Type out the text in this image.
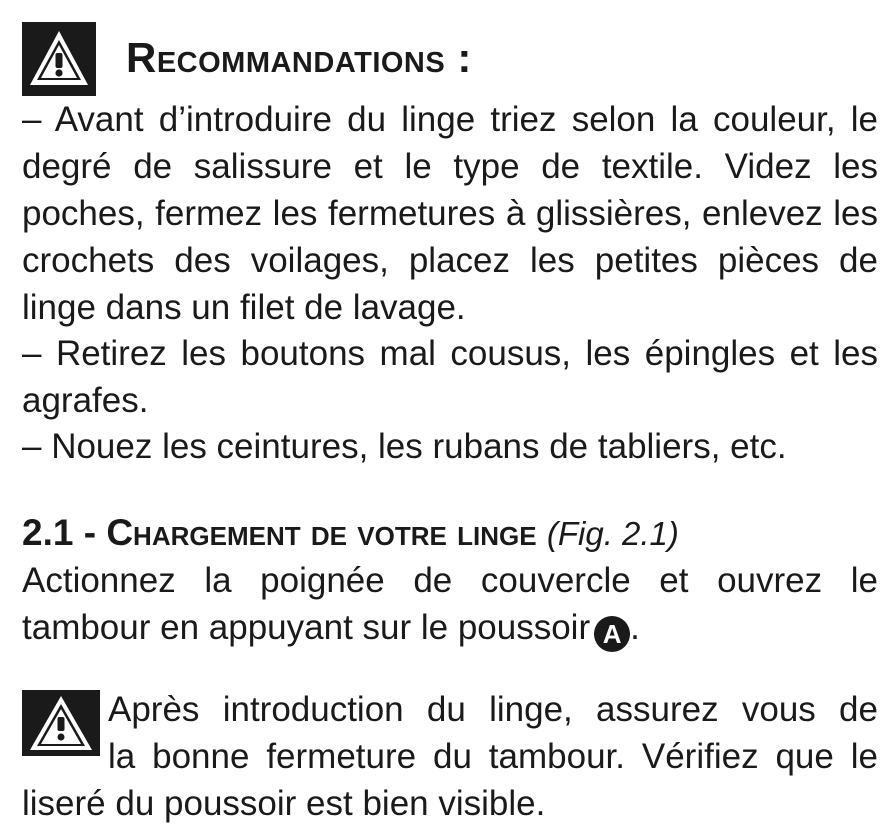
Recommandations :

– Avant d’introduire du linge triez selon la couleur, le degré de salissure et le type de textile. Videz les poches, fermez les fermetures à glissières, enlevez les crochets des voilages, placez les petites pièces de linge dans un filet de lavage.

– Retirez les boutons mal cousus, les épingles et les agrafes.

– Nouez les ceintures, les rubans de tabliers, etc.

2.1 - Chargement de votre linge (Fig. 2.1)

Actionnez la poignée de couvercle et ouvrez le tambour en appuyant sur le poussoir A .

Après introduction du linge, assurez vous de

la bonne fermeture du tambour. Vérifiez que le

liseré du poussoir est bien visible.
